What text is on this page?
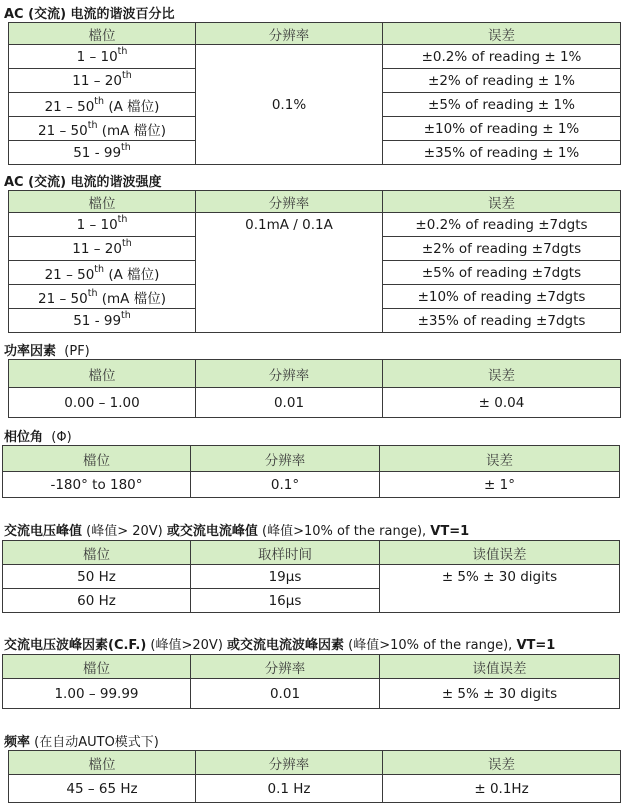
AC (交流) 电流的谐波百分比
檔位	分辨率	误差
1 – 10th	0.1%	±0.2% of reading ± 1%
11 – 20th		±2% of reading ± 1%
21 – 50th (A 檔位)		±5% of reading ± 1%
21 – 50th (mA 檔位)		±10% of reading ± 1%
51 - 99th		±35% of reading ± 1%
AC (交流) 电流的谐波强度
檔位	分辨率	误差
1 – 10th	0.1mA / 0.1A	±0.2% of reading ±7dgts
11 – 20th		±2% of reading ±7dgts
21 – 50th (A 檔位)		±5% of reading ±7dgts
21 – 50th (mA 檔位)		±10% of reading ±7dgts
51 - 99th		±35% of reading ±7dgts
功率因素  (PF)
檔位	分辨率	误差
0.00 – 1.00	0.01	± 0.04
相位角  (Φ)
檔位	分辨率	误差
-180° to 180°	0.1°	± 1°
交流电压峰值 (峰值> 20V) 或交流电流峰值 (峰值>10% of the range), VT=1
檔位	取样时间	读值误差
50 Hz	19μs	± 5% ± 30 digits
60 Hz	16μs	
交流电压波峰因素(C.F.) (峰值>20V) 或交流电流波峰因素 (峰值>10% of the range), VT=1
檔位	分辨率	读值误差
1.00 – 99.99	0.01	± 5% ± 30 digits
频率 (在自动AUTO模式下)
檔位	分辨率	误差
45 – 65 Hz	0.1 Hz	± 0.1Hz
